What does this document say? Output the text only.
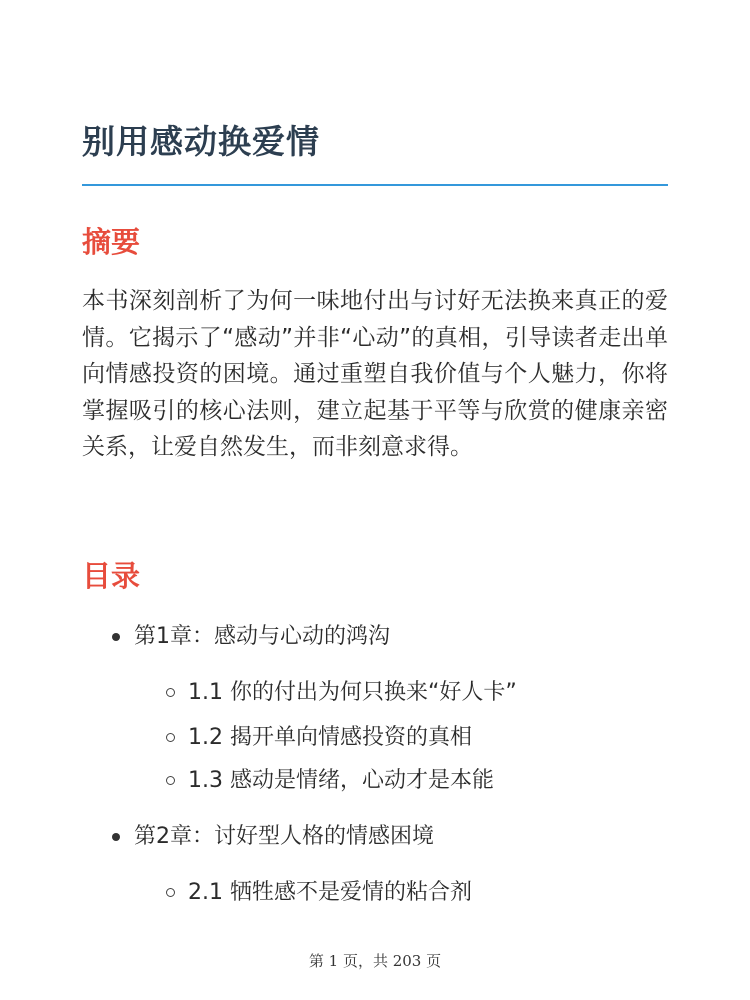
别用感动换爱情
摘要

本书深刻剖析了为何一味地付出与讨好无法换来真正的爱情。它揭示了“感动”并非“心动”的真相，引导读者走出单向情感投资的困境。通过重塑自我价值与个人魅力，你将掌握吸引的核心法则，建立起基于平等与欣赏的健康亲密关系，让爱自然发生，而非刻意求得。

目录
第1章：感动与心动的鸿沟
1.1 你的付出为何只换来“好人卡”
1.2 揭开单向情感投资的真相
1.3 感动是情绪，心动才是本能
第2章：讨好型人格的情感困境
2.1 牺牲感不是爱情的粘合剂
第 1 页，共 203 页
